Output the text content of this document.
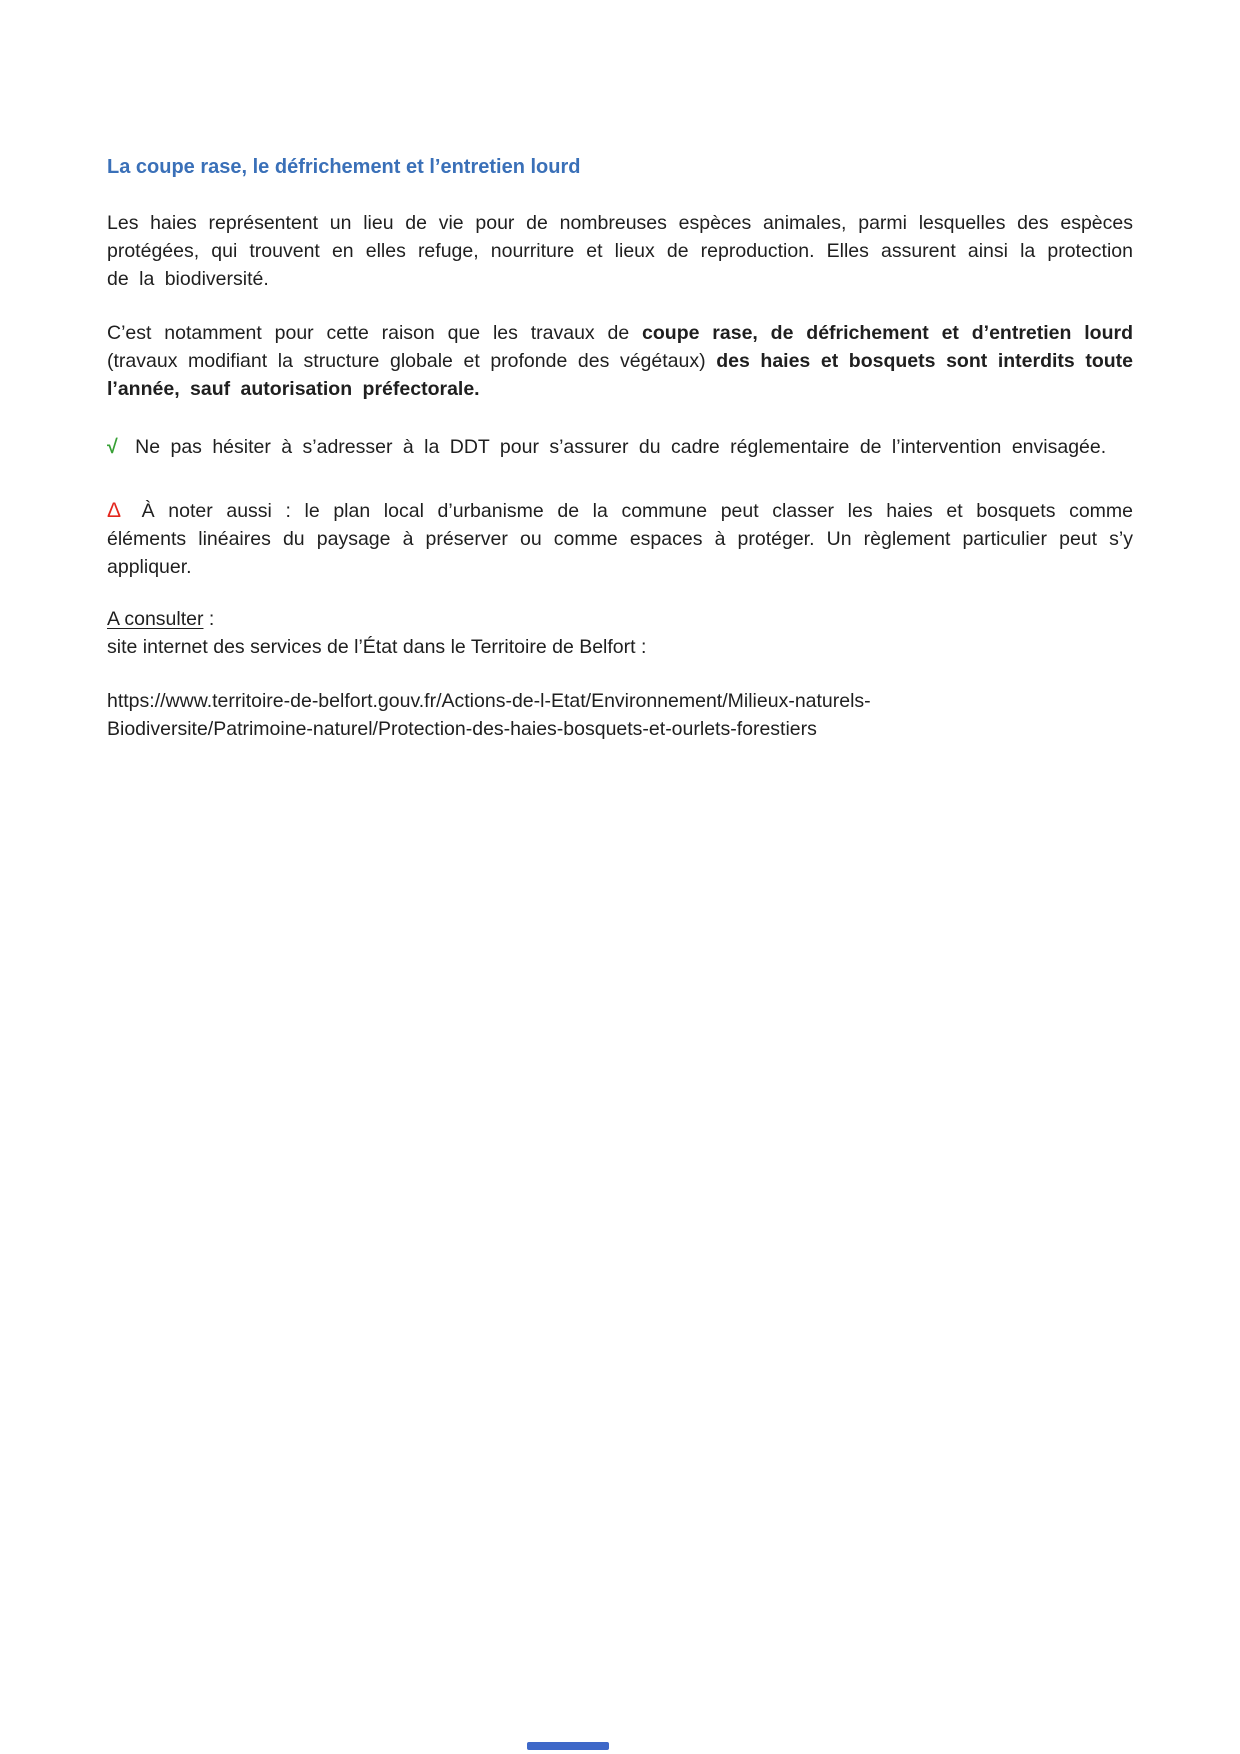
La coupe rase, le défrichement et l’entretien lourd

Les haies représentent un lieu de vie pour de nombreuses espèces animales, parmi lesquelles des espèces protégées, qui trouvent en elles refuge, nourriture et lieux de reproduction. Elles assurent ainsi la protection de la biodiversité.

C’est notamment pour cette raison que les travaux de coupe rase, de défrichement et d’entretien lourd (travaux modifiant la structure globale et profonde des végétaux) des haies et bosquets sont interdits toute l’année, sauf autorisation préfectorale.

√ Ne pas hésiter à s’adresser à la DDT pour s’assurer du cadre réglementaire de l’intervention envisagée.

Δ À noter aussi : le plan local d’urbanisme de la commune peut classer les haies et bosquets comme éléments linéaires du paysage à préserver ou comme espaces à protéger. Un règlement particulier peut s’y appliquer.

A consulter :

site internet des services de l’État dans le Territoire de Belfort :

https://www.territoire-de-belfort.gouv.fr/Actions-de-l-Etat/Environnement/Milieux-naturels-Biodiversite/Patrimoine-naturel/Protection-des-haies-bosquets-et-ourlets-forestiers
